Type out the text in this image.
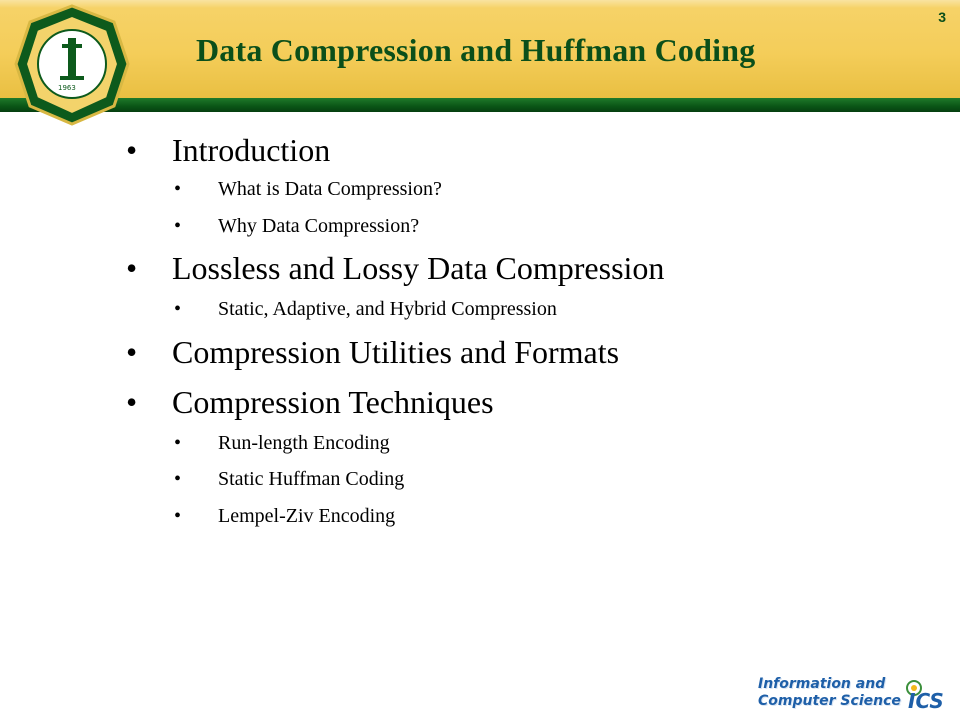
1963
Data Compression and Huffman Coding
3
• Introduction
• What is Data Compression?
• Why Data Compression?
• Lossless and Lossy Data Compression
• Static, Adaptive, and Hybrid Compression
• Compression Utilities and Formats
• Compression Techniques
• Run-length Encoding
• Static Huffman Coding
• Lempel-Ziv Encoding
Information and
Computer Science ICS
